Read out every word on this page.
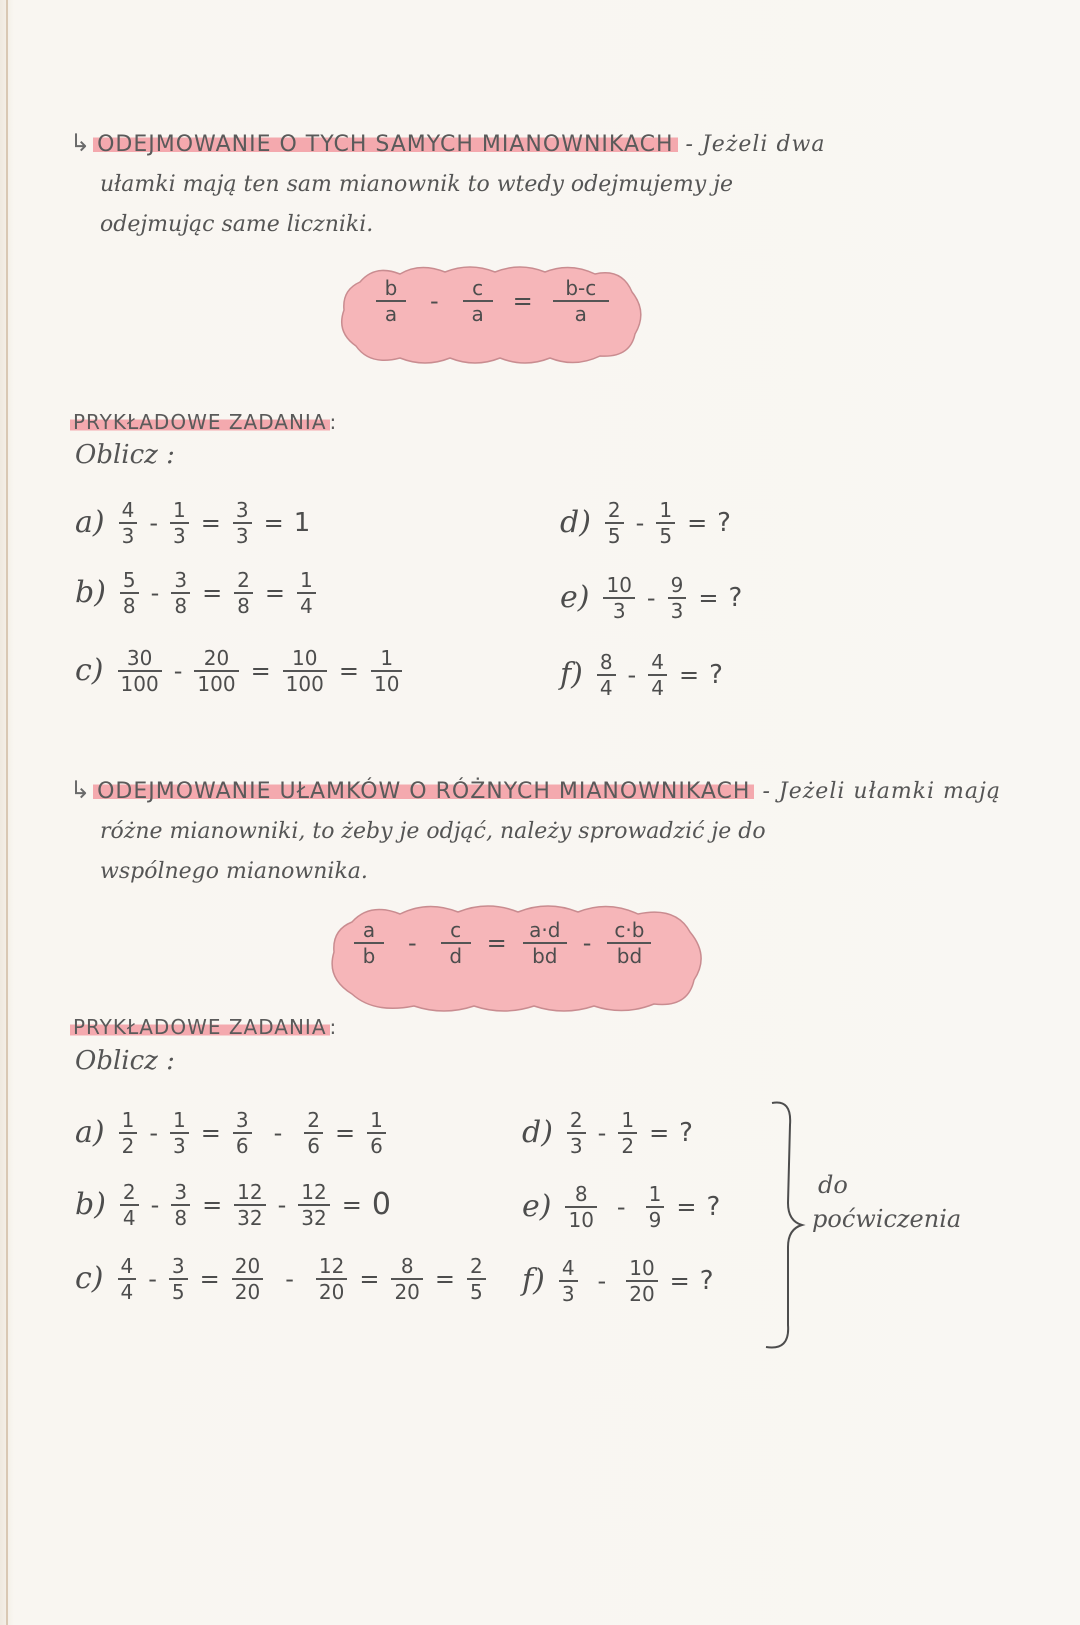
↳ ODEJMOWANIE O TYCH SAMYCH MIANOWNIKACH - Jeżeli dwa
ułamki mają ten sam mianownik to wtedy odejmujemy je
odejmując same liczniki.
$\frac{b}{a} - \frac{c}{a} = \frac{b-c}{a}$
PRYKŁADOWE ZADANIA :
Oblicz :
$a) \frac{4}{3} - \frac{1}{3} = \frac{3}{3} = 1$
$b) \frac{5}{8} - \frac{3}{8} = \frac{2}{8} = \frac{1}{4}$
$c) \frac{30}{100} - \frac{20}{100} = \frac{10}{100} = \frac{1}{10}$
$d) \frac{2}{5} - \frac{1}{5}$ = ?
$e) \frac{10}{3} - \frac{9}{3}$ = ?
$f) \frac{8}{4} - \frac{4}{4}$ = ?
↳ ODEJMOWANIE UŁAMKÓW O RÓŻNYCH MIANOWNIKACH - Jeżeli ułamki mają
różne mianowniki, to żeby je odjąć, należy sprowadzić je do
wspólnego mianownika.
$\frac{a}{b} - \frac{c}{d} = \frac{a\cdot d}{bd} - \frac{c\cdot b}{bd}$
PRYKŁADOWE ZADANIA :
Oblicz :
$a) \frac{1}{2} - \frac{1}{3} = \frac{3}{6} - \frac{2}{6} = \frac{1}{6}$
$b) \frac{2}{4} - \frac{3}{8} = \frac{12}{32} - \frac{12}{32} = 0$
$c) \frac{4}{4} - \frac{3}{5} = \frac{20}{20} - \frac{12}{20} = \frac{8}{20} = \frac{2}{5}$
$d) \frac{2}{3} - \frac{1}{2}$ = ?
$e) \frac{8}{10} - \frac{1}{9}$ = ?
$f) \frac{4}{3} - \frac{10}{20}$ = ?
do
poćwiczenia
